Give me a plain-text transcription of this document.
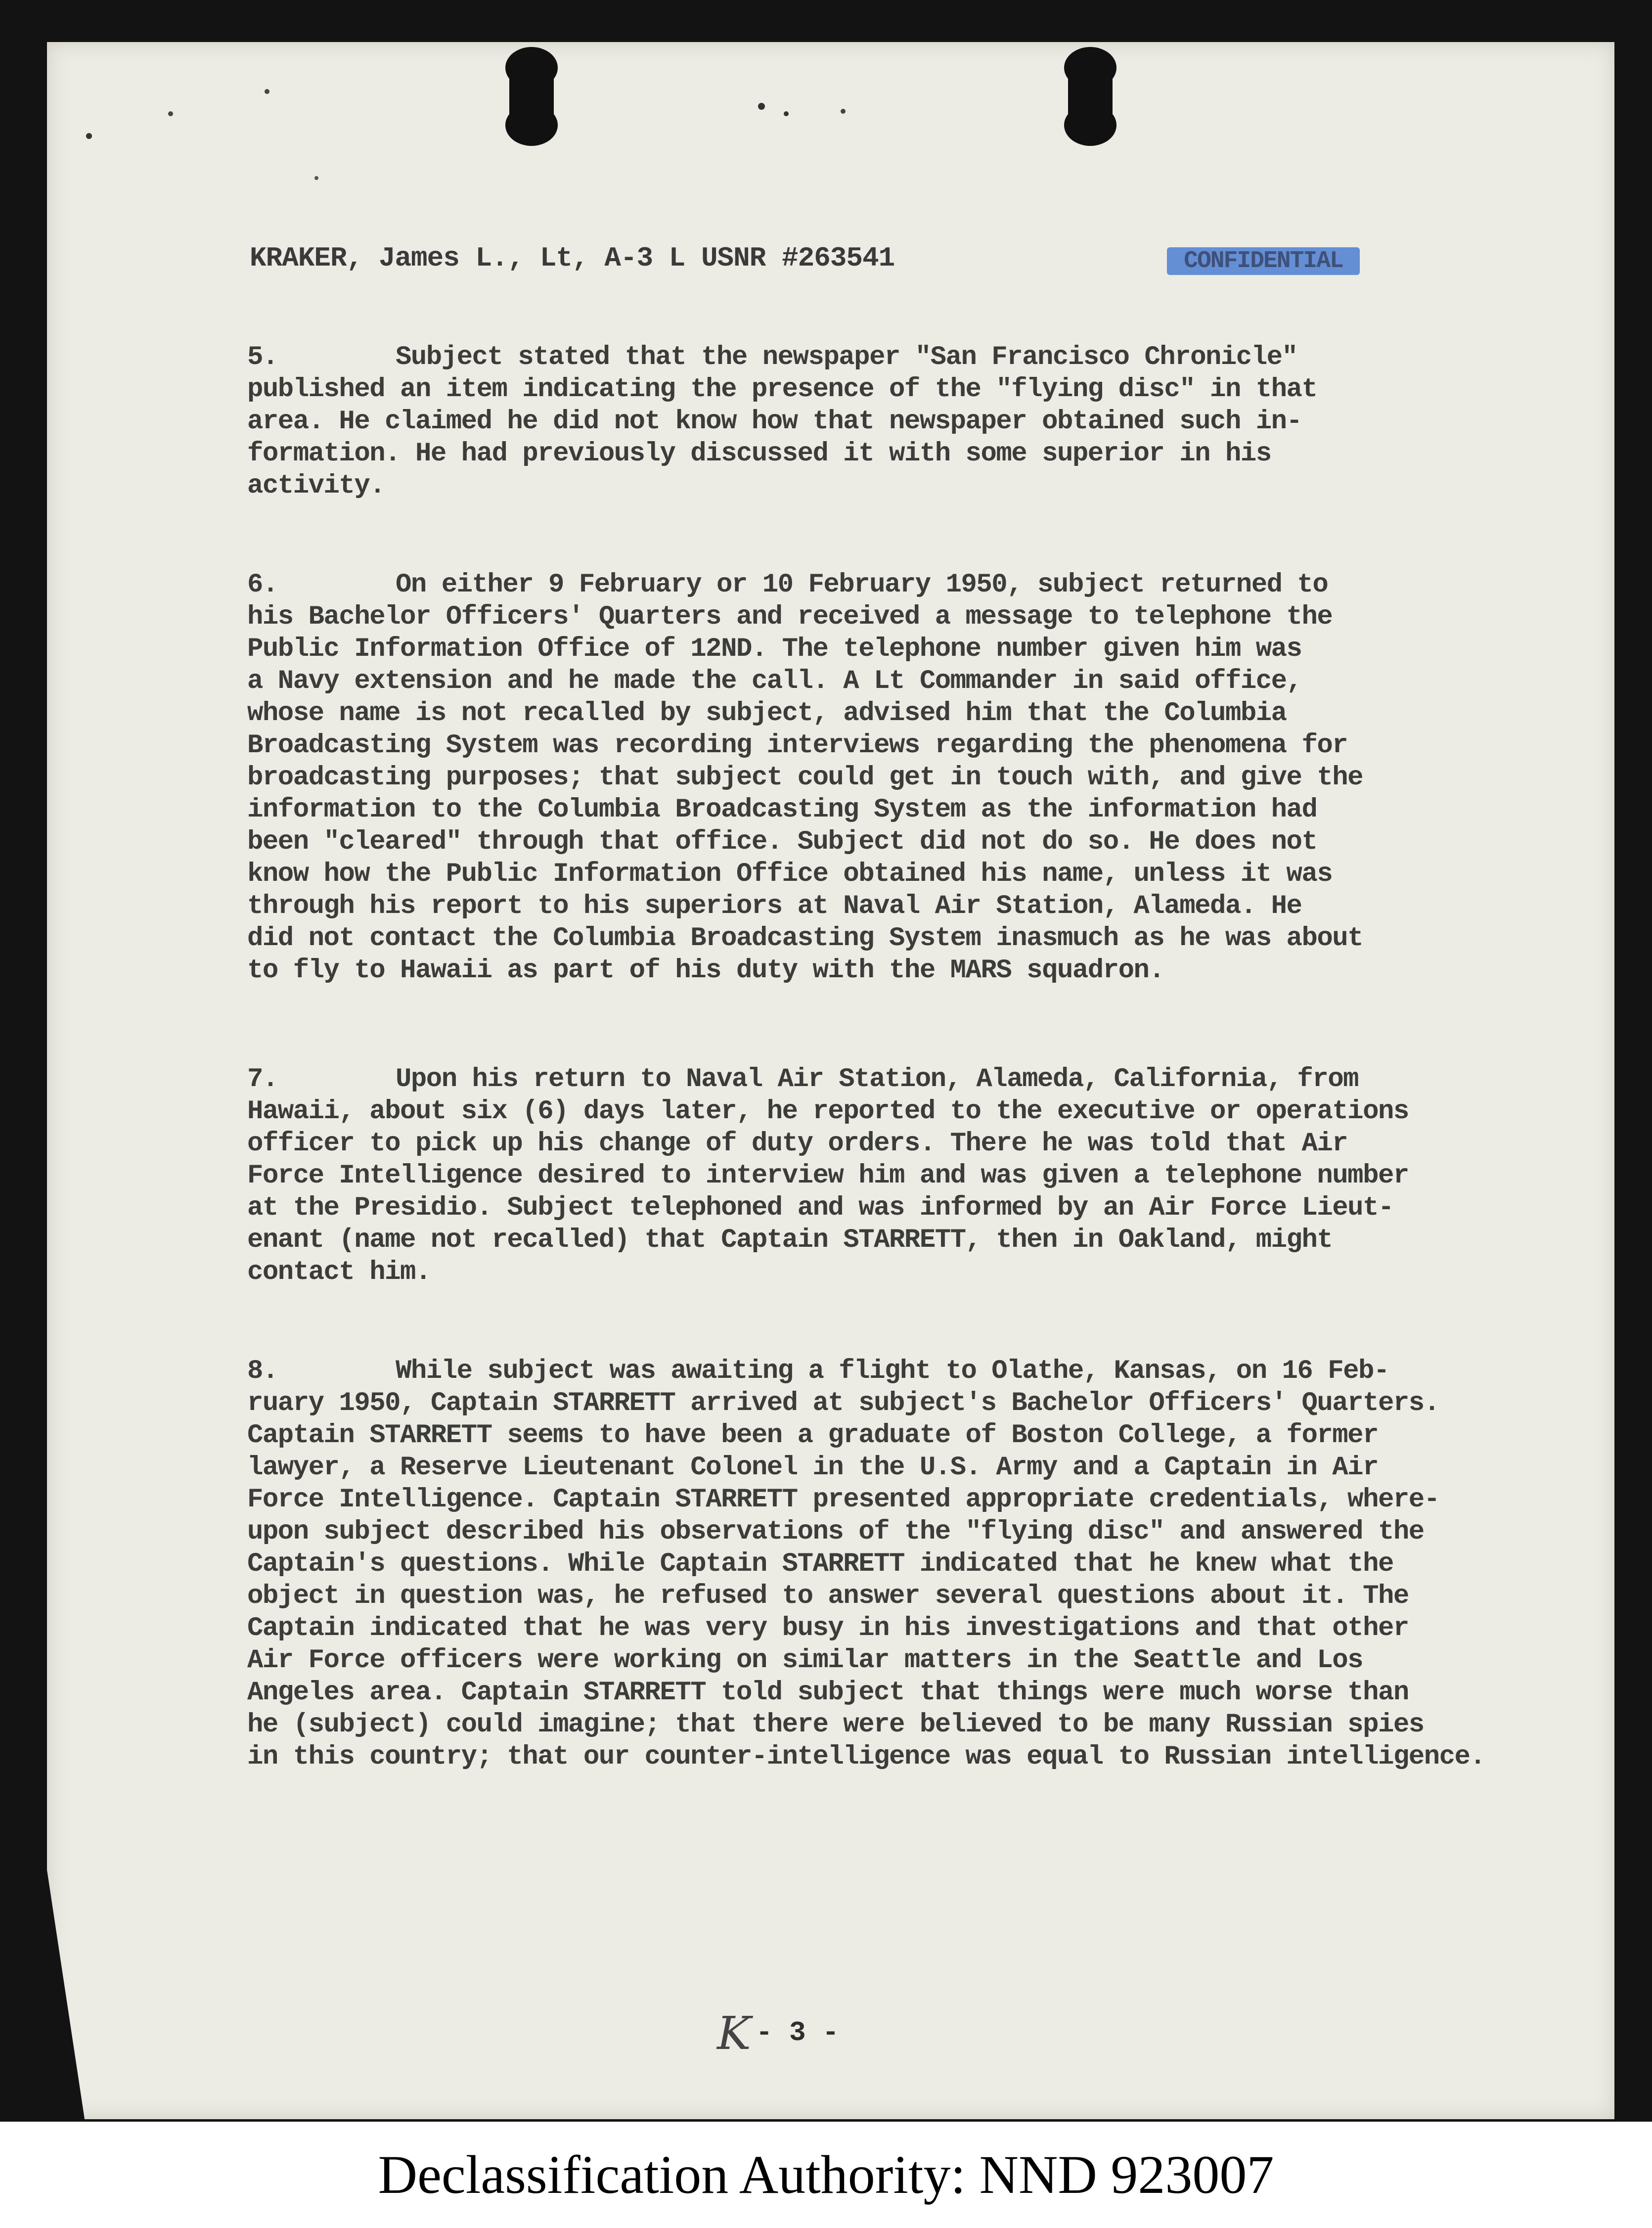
KRAKER, James L., Lt, A-3 L USNR #263541	CONFIDENTIAL
5.	Subject stated that the newspaper "San Francisco Chronicle"
published an item indicating the presence of the "flying disc" in that
area. He claimed he did not know how that newspaper obtained such in-
formation. He had previously discussed it with some superior in his
activity.
6.	On either 9 February or 10 February 1950, subject returned to
his Bachelor Officers' Quarters and received a message to telephone the
Public Information Office of 12ND. The telephone number given him was
a Navy extension and he made the call. A Lt Commander in said office,
whose name is not recalled by subject, advised him that the Columbia
Broadcasting System was recording interviews regarding the phenomena for
broadcasting purposes; that subject could get in touch with, and give the
information to the Columbia Broadcasting System as the information had
been "cleared" through that office. Subject did not do so. He does not
know how the Public Information Office obtained his name, unless it was
through his report to his superiors at Naval Air Station, Alameda. He
did not contact the Columbia Broadcasting System inasmuch as he was about
to fly to Hawaii as part of his duty with the MARS squadron.
7.	Upon his return to Naval Air Station, Alameda, California, from
Hawaii, about six (6) days later, he reported to the executive or operations
officer to pick up his change of duty orders. There he was told that Air
Force Intelligence desired to interview him and was given a telephone number
at the Presidio. Subject telephoned and was informed by an Air Force Lieut-
enant (name not recalled) that Captain STARRETT, then in Oakland, might
contact him.
8.	While subject was awaiting a flight to Olathe, Kansas, on 16 Feb-
ruary 1950, Captain STARRETT arrived at subject's Bachelor Officers' Quarters.
Captain STARRETT seems to have been a graduate of Boston College, a former
lawyer, a Reserve Lieutenant Colonel in the U.S. Army and a Captain in Air
Force Intelligence. Captain STARRETT presented appropriate credentials, where-
upon subject described his observations of the "flying disc" and answered the
Captain's questions. While Captain STARRETT indicated that he knew what the
object in question was, he refused to answer several questions about it. The
Captain indicated that he was very busy in his investigations and that other
Air Force officers were working on similar matters in the Seattle and Los
Angeles area. Captain STARRETT told subject that things were much worse than
he (subject) could imagine; that there were believed to be many Russian spies
in this country; that our counter-intelligence was equal to Russian intelligence.
K - 3 -
Declassification Authority: NND 923007
